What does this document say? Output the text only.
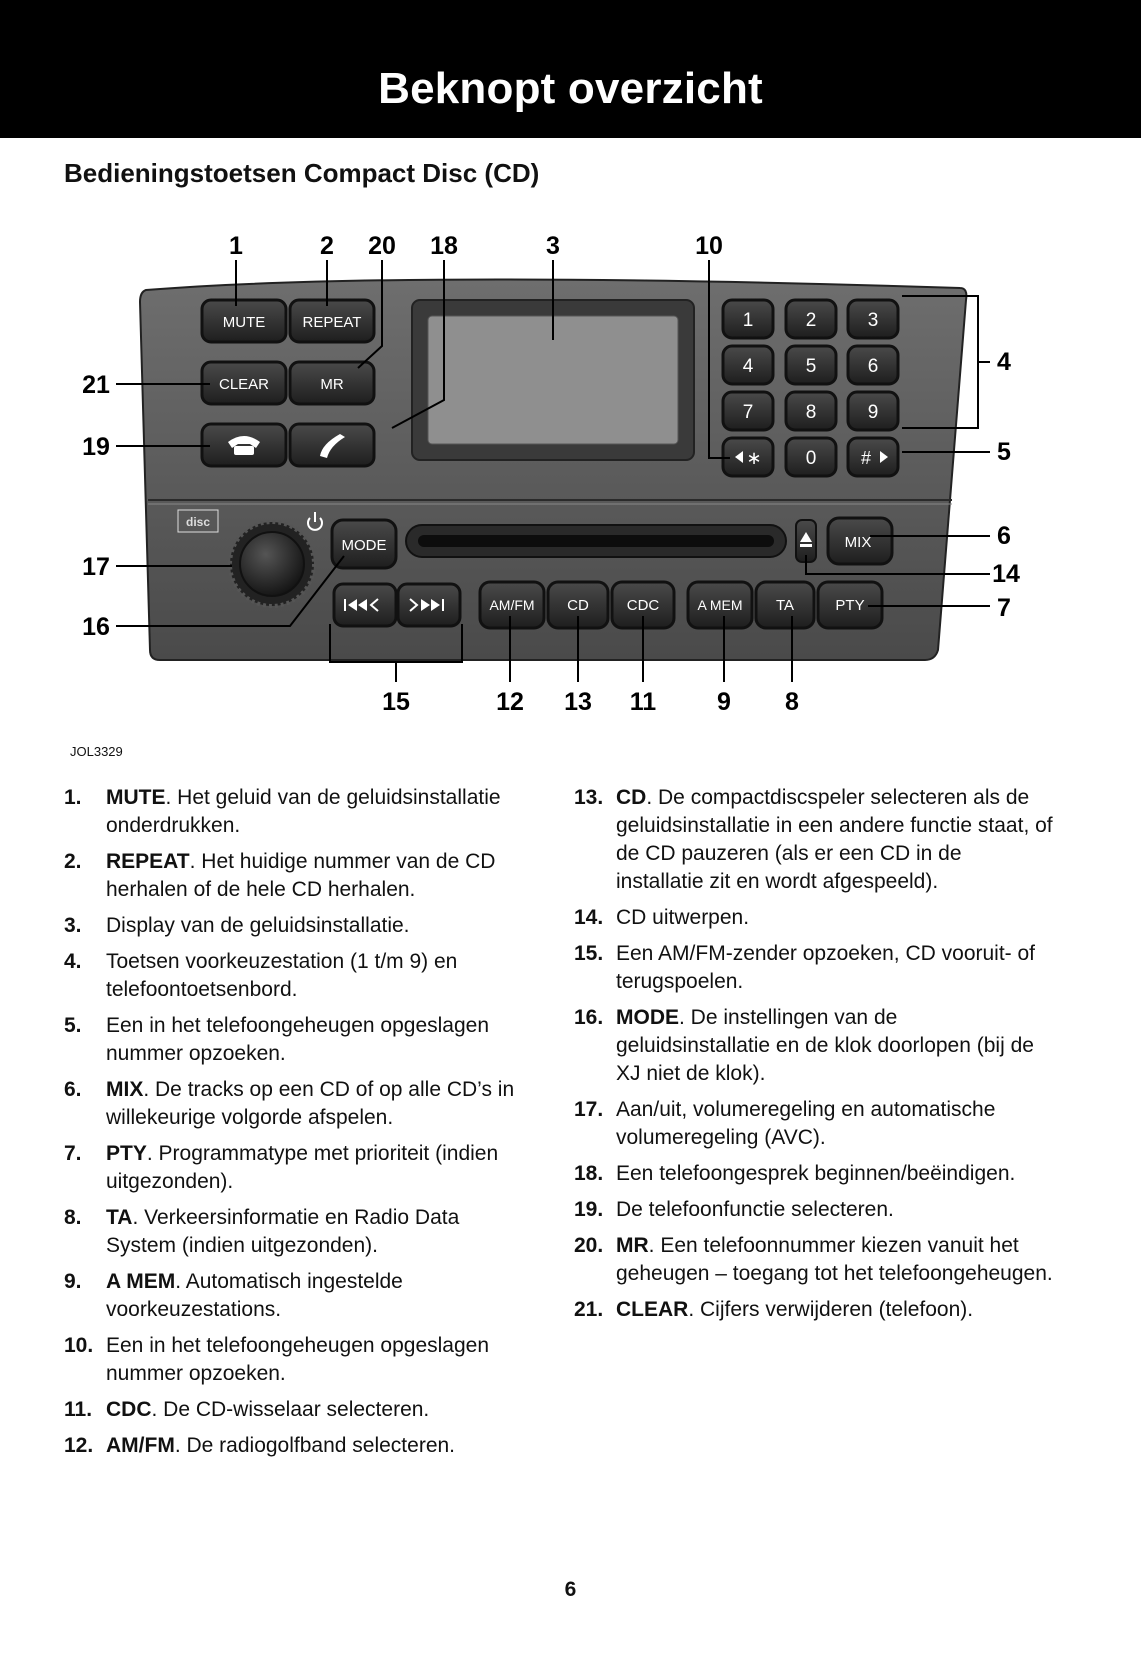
Beknopt overzicht
Bedieningstoetsen Compact Disc (CD)
MUTE REPEAT
CLEAR	MR
1	2	3
4	5	6
7	8	9
∗ 0 #
disc
MODE	MIX
AM/FM CD	CDC	A MEM TA	PTY
1	2 20 18	3	10
4
5
6
14
7
21
19
17
16
15	12 13 11 9 8
JOL3329
1.	MUTE. Het geluid van de geluidsinstallatie onderdrukken.
2.	REPEAT. Het huidige nummer van de CD herhalen of de hele CD herhalen.
3.	Display van de geluidsinstallatie.
4.	Toetsen voorkeuzestation (1 t/m 9) en telefoontoetsenbord.
5.	Een in het telefoongeheugen opgeslagen nummer opzoeken.
6.	MIX. De tracks op een CD of op alle CD’s in willekeurige volgorde afspelen.
7.	PTY. Programmatype met prioriteit (indien uitgezonden).
8.	TA. Verkeersinformatie en Radio Data System (indien uitgezonden).
9.	A MEM. Automatisch ingestelde voorkeuzestations.
10. Een in het telefoongeheugen opgeslagen nummer opzoeken.
11. CDC. De CD-wisselaar selecteren.
12. AM/FM. De radiogolfband selecteren.
13. CD. De compactdiscspeler selecteren als de geluidsinstallatie in een andere functie staat, of de CD pauzeren (als er een CD in de installatie zit en wordt afgespeeld).
14. CD uitwerpen.
15. Een AM/FM-zender opzoeken, CD vooruit- of terugspoelen.
16. MODE. De instellingen van de geluidsinstallatie en de klok doorlopen (bij de XJ niet de klok).
17. Aan/uit, volumeregeling en automatische volumeregeling (AVC).
18. Een telefoongesprek beginnen/beëindigen.
19. De telefoonfunctie selecteren.
20. MR. Een telefoonnummer kiezen vanuit het geheugen – toegang tot het telefoongeheugen.
21. CLEAR. Cijfers verwijderen (telefoon).
6
